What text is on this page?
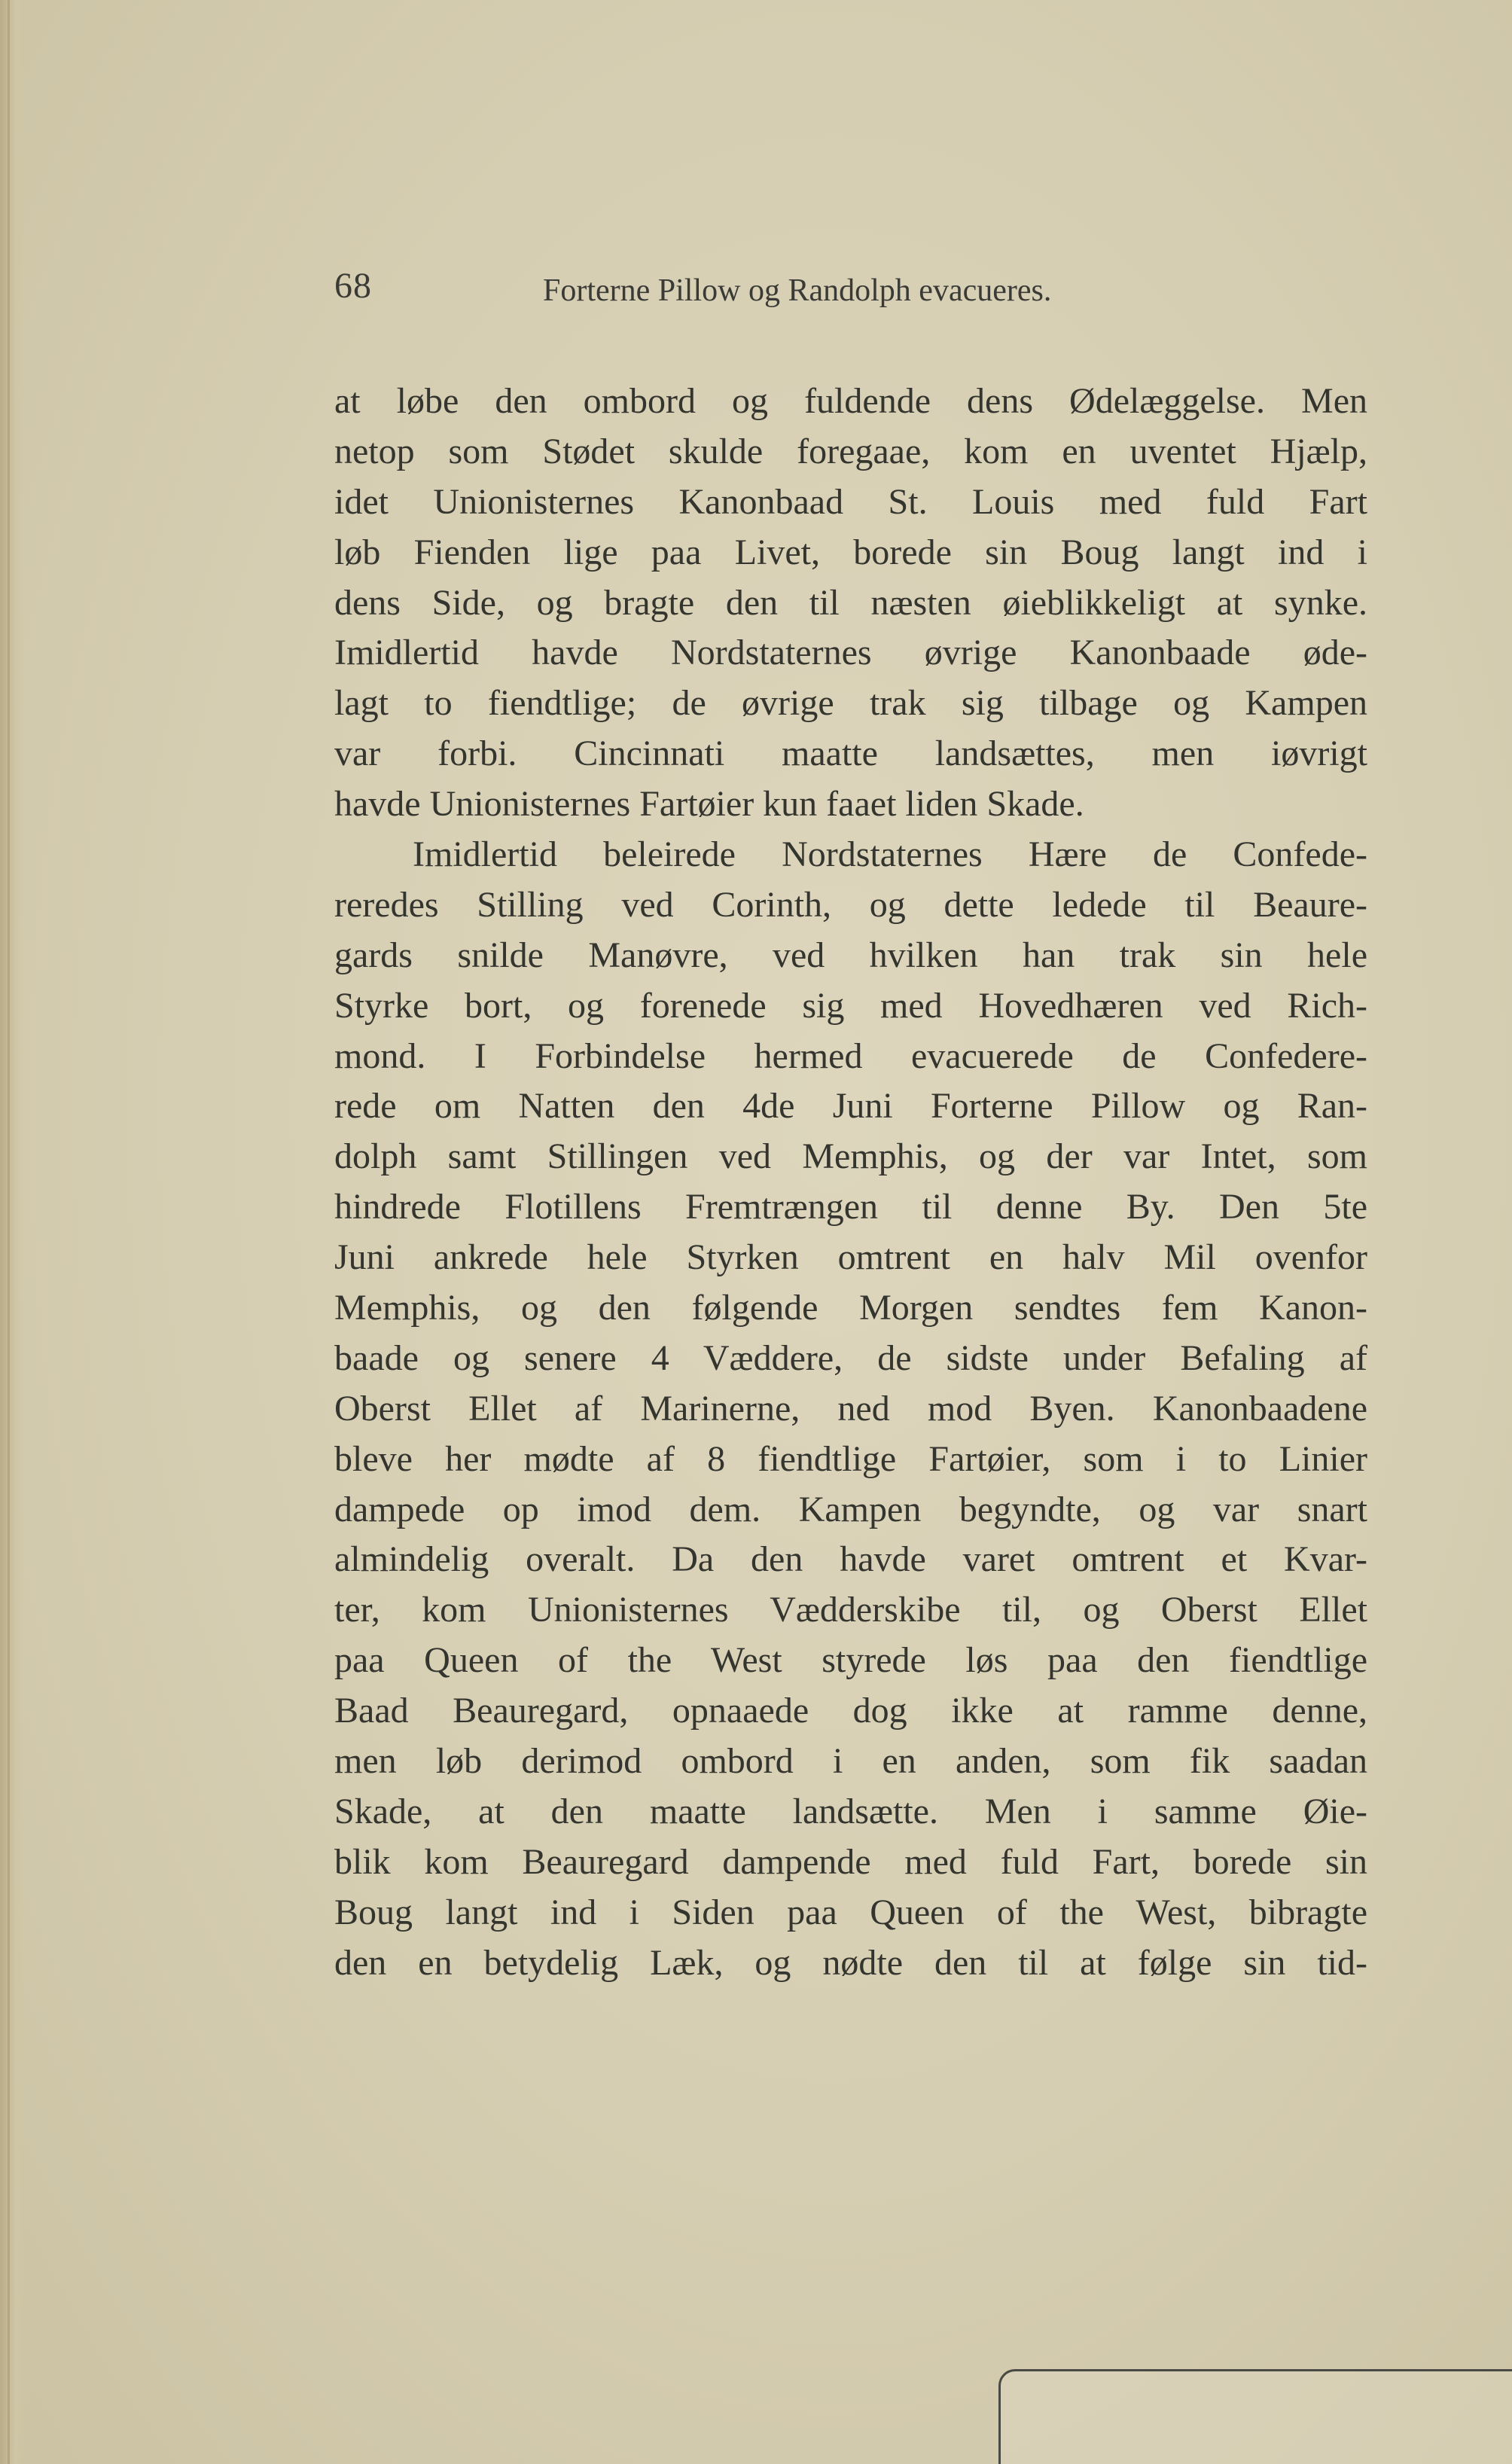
68	Forterne Pillow og Randolph evacueres.
at løbe den ombord og fuldende dens Ødelæggelse. Men
netop som Stødet skulde foregaae, kom en uventet Hjælp,
idet Unionisternes Kanonbaad St. Louis med fuld Fart
løb Fienden lige paa Livet, borede sin Boug langt ind i
dens Side, og bragte den til næsten øieblikkeligt at synke.
Imidlertid havde Nordstaternes øvrige Kanonbaade øde-
lagt to fiendtlige; de øvrige trak sig tilbage og Kampen
var forbi. Cincinnati maatte landsættes, men iøvrigt
havde Unionisternes Fartøier kun faaet liden Skade.
Imidlertid beleirede Nordstaternes Hære de Confede-
reredes Stilling ved Corinth, og dette ledede til Beaure-
gards snilde Manøvre, ved hvilken han trak sin hele
Styrke bort, og forenede sig med Hovedhæren ved Rich-
mond. I Forbindelse hermed evacuerede de Confedere-
rede om Natten den 4de Juni Forterne Pillow og Ran-
dolph samt Stillingen ved Memphis, og der var Intet, som
hindrede Flotillens Fremtrængen til denne By. Den 5te
Juni ankrede hele Styrken omtrent en halv Mil ovenfor
Memphis, og den følgende Morgen sendtes fem Kanon-
baade og senere 4 Væddere, de sidste under Befaling af
Oberst Ellet af Marinerne, ned mod Byen. Kanonbaadene
bleve her mødte af 8 fiendtlige Fartøier, som i to Linier
dampede op imod dem. Kampen begyndte, og var snart
almindelig overalt. Da den havde varet omtrent et Kvar-
ter, kom Unionisternes Vædderskibe til, og Oberst Ellet
paa Queen of the West styrede løs paa den fiendtlige
Baad Beauregard, opnaaede dog ikke at ramme denne,
men løb derimod ombord i en anden, som fik saadan
Skade, at den maatte landsætte. Men i samme Øie-
blik kom Beauregard dampende med fuld Fart, borede sin
Boug langt ind i Siden paa Queen of the West, bibragte
den en betydelig Læk, og nødte den til at følge sin tid-
